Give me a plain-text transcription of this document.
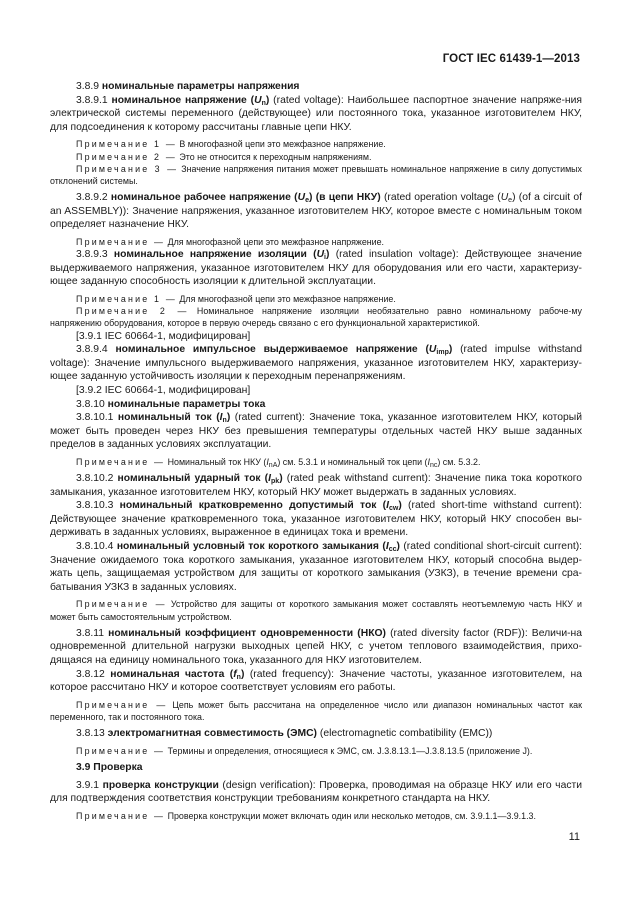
ГОСТ IEC 61439-1—2013

3.8.9 номинальные параметры напряжения

3.8.9.1 номинальное напряжение $(U_n)$ (rated voltage): Наибольшее паспортное значение напряже-ния электрической системы переменного (действующее) или постоянного тока, указанное изготовителем НКУ, для подсоединения к которому рассчитаны главные цепи НКУ.

Примечание 1 — В многофазной цепи это межфазное напряжение.

Примечание 2 — Это не относится к переходным напряжениям.

Примечание 3 — Значение напряжения питания может превышать номинальное напряжение в силу допустимых отклонений системы.

3.8.9.2 номинальное рабочее напряжение $(U_e)$ (в цепи НКУ) (rated operation voltage $(U_e)$ (of a circuit of an ASSEMBLY)): Значение напряжения, указанное изготовителем НКУ, которое вместе с номинальным током определяет назначение НКУ.

Примечание — Для многофазной цепи это межфазное напряжение.

3.8.9.3 номинальное напряжение изоляции $(U_i)$ (rated insulation voltage): Действующее значение выдерживаемого напряжения, указанное изготовителем НКУ для оборудования или его части, характеризу-ющее заданную способность изоляции к длительной эксплуатации.

Примечание 1 — Для многофазной цепи это межфазное напряжение.

Примечание 2 — Номинальное напряжение изоляции необязательно равно номинальному рабоче-му напряжению оборудования, которое в первую очередь связано с его функциональной характеристикой.

[3.9.1 IEC 60664-1, модифицирован]

3.8.9.4 номинальное импульсное выдерживаемое напряжение $(U_{imp})$ (rated impulse withstand voltage): Значение импульсного выдерживаемого напряжения, указанное изготовителем НКУ, характеризу-ющее заданную устойчивость изоляции к переходным перенапряжениям.

[3.9.2 IEC 60664-1, модифицирован]

3.8.10 номинальные параметры тока

3.8.10.1 номинальный ток $(I_n)$ (rated current): Значение тока, указанное изготовителем НКУ, который может быть проведен через НКУ без превышения температуры отдельных частей НКУ выше заданных пределов в заданных условиях эксплуатации.

Примечание — Номинальный ток НКУ $(I_{nA})$ см. 5.3.1 и номинальный ток цепи $(I_{nc})$ см. 5.3.2.

3.8.10.2 номинальный ударный ток $(I_{pk})$ (rated peak withstand current): Значение пика тока короткого замыкания, указанное изготовителем НКУ, который НКУ может выдержать в заданных условиях.

3.8.10.3 номинальный кратковременно допустимый ток $(I_{cw})$ (rated short-time withstand current): Действующее значение кратковременного тока, указанное изготовителем НКУ, который НКУ способен вы-держивать в заданных условиях, выраженное в единицах тока и времени.

3.8.10.4 номинальный условный ток короткого замыкания $(I_{cc})$ (rated conditional short-circuit current): Значение ожидаемого тока короткого замыкания, указанное изготовителем НКУ, который способна выдер-жать цепь, защищаемая устройством для защиты от короткого замыкания (УЗКЗ), в течение времени сра-батывания УЗКЗ в заданных условиях.

Примечание — Устройство для защиты от короткого замыкания может составлять неотъемлемую часть НКУ и может быть самостоятельным устройством.

3.8.11 номинальный коэффициент одновременности (НКО) (rated diversity factor (RDF)): Величи-на одновременной длительной нагрузки выходных цепей НКУ, с учетом теплового взаимодействия, прихо-дящаяся на единицу номинального тока, указанного для НКУ изготовителем.

3.8.12 номинальная частота $(f_n)$ (rated frequency): Значение частоты, указанное изготовителем, на которое рассчитано НКУ и которое соответствует условиям его работы.

Примечание — Цепь может быть рассчитана на определенное число или диапазон номинальных частот как переменного, так и постоянного тока.

3.8.13 электромагнитная совместимость (ЭМС) (electromagnetic combatibility (EMC))

Примечание — Термины и определения, относящиеся к ЭМС, см. J.3.8.13.1—J.3.8.13.5 (приложение J).

3.9 Проверка

3.9.1 проверка конструкции (design verification): Проверка, проводимая на образце НКУ или его части для подтверждения соответствия конструкции требованиям конкретного стандарта на НКУ.

Примечание — Проверка конструкции может включать один или несколько методов, см. 3.9.1.1—3.9.1.3.

11
